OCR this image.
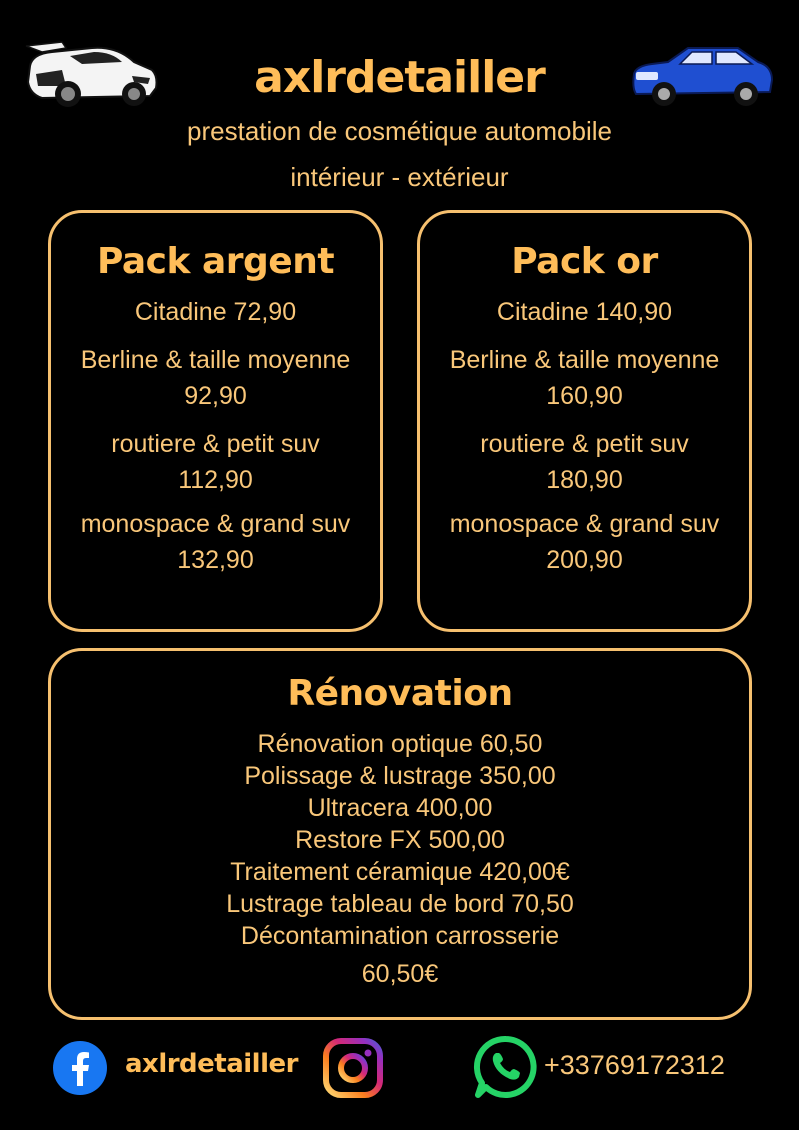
axlrdetailler
prestation de cosmétique automobile
intérieur - extérieur
Pack argent
Citadine 72,90
Berline & taille moyenne
92,90
routiere & petit suv
112,90
monospace & grand suv
132,90
Pack or
Citadine 140,90
Berline & taille moyenne
160,90
routiere & petit suv
180,90
monospace & grand suv
200,90
Rénovation
Rénovation optique 60,50
Polissage & lustrage 350,00
Ultracera 400,00
Restore FX 500,00
Traitement céramique 420,00€
Lustrage tableau de bord 70,50
Décontamination carrosserie
60,50€
axlrdetailler	+33769172312
